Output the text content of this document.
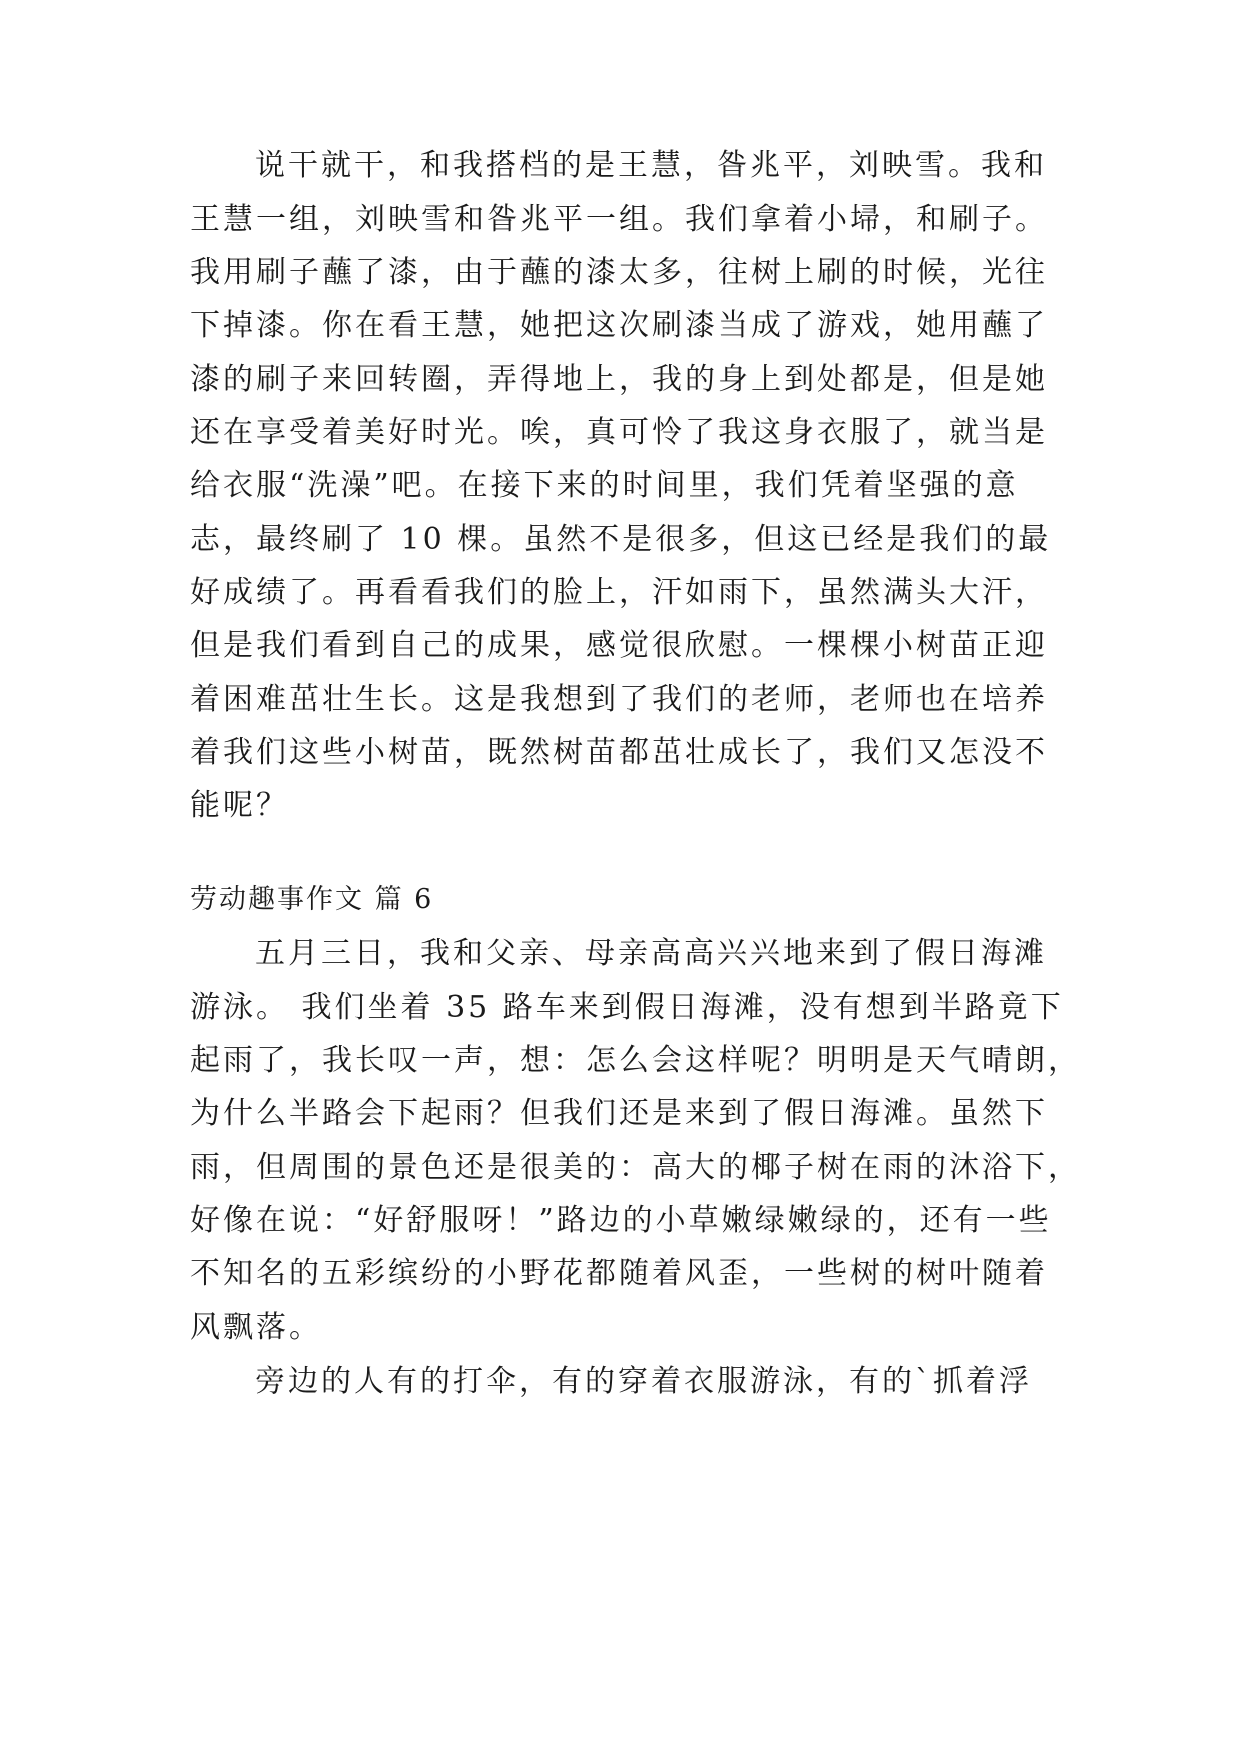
说干就干，和我搭档的是王慧，昝兆平，刘映雪。我和
王慧一组，刘映雪和昝兆平一组。我们拿着小埽，和刷子。
我用刷子蘸了漆，由于蘸的漆太多，往树上刷的时候，光往
下掉漆。你在看王慧，她把这次刷漆当成了游戏，她用蘸了
漆的刷子来回转圈，弄得地上，我的身上到处都是，但是她
还在享受着美好时光。唉，真可怜了我这身衣服了，就当是
给衣服“洗澡”吧。在接下来的时间里，我们凭着坚强的意
志，最终刷了 10 棵。虽然不是很多，但这已经是我们的最
好成绩了。再看看我们的脸上，汗如雨下，虽然满头大汗，
但是我们看到自己的成果，感觉很欣慰。一棵棵小树苗正迎
着困难茁壮生长。这是我想到了我们的老师，老师也在培养
着我们这些小树苗，既然树苗都茁壮成长了，我们又怎没不
能呢？
劳动趣事作文 篇 6
五月三日，我和父亲、母亲高高兴兴地来到了假日海滩
游泳。 我们坐着 35 路车来到假日海滩，没有想到半路竟下
起雨了，我长叹一声，想：怎么会这样呢？明明是天气晴朗，
为什么半路会下起雨？但我们还是来到了假日海滩。虽然下
雨，但周围的景色还是很美的：高大的椰子树在雨的沐浴下，
好像在说：“好舒服呀！”路边的小草嫩绿嫩绿的，还有一些
不知名的五彩缤纷的小野花都随着风歪，一些树的树叶随着
风飘落。
旁边的人有的打伞，有的穿着衣服游泳，有的`抓着浮
